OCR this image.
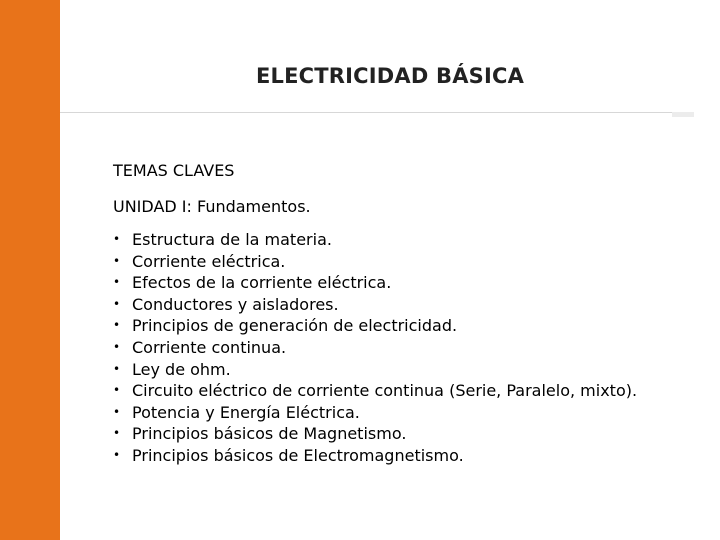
ELECTRICIDAD BÁSICA
TEMAS CLAVES
UNIDAD I: Fundamentos.
• Estructura de la materia.
• Corriente eléctrica.
• Efectos de la corriente eléctrica.
• Conductores y aisladores.
• Principios de generación de electricidad.
• Corriente continua.
• Ley de ohm.
• Circuito eléctrico de corriente continua (Serie, Paralelo, mixto).
• Potencia y Energía Eléctrica.
• Principios básicos de Magnetismo.
• Principios básicos de Electromagnetismo.
